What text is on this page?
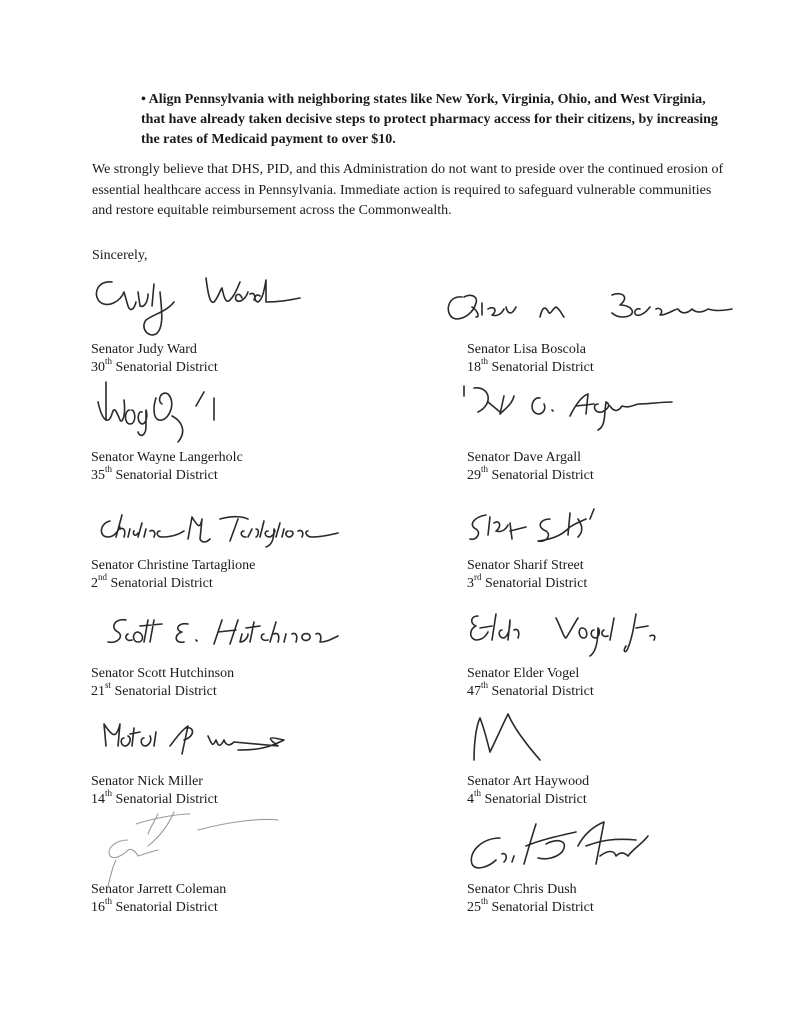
• Align Pennsylvania with neighboring states like New York, Virginia, Ohio, and West Virginia, that have already taken decisive steps to protect pharmacy access for their citizens, by increasing the rates of Medicaid payment to over $10.
We strongly believe that DHS, PID, and this Administration do not want to preside over the continued erosion of essential healthcare access in Pennsylvania. Immediate action is required to safeguard vulnerable communities and restore equitable reimbursement across the Commonwealth.
Sincerely,
Senator Judy Ward
30th Senatorial District
Senator Lisa Boscola
18th Senatorial District
Senator Wayne Langerholc
35th Senatorial District
Senator Dave Argall
29th Senatorial District
Senator Christine Tartaglione
2nd Senatorial District
Senator Sharif Street
3rd Senatorial District
Senator Scott Hutchinson
21st Senatorial District
Senator Elder Vogel
47th Senatorial District
Senator Nick Miller
14th Senatorial District
Senator Art Haywood
4th Senatorial District
Senator Jarrett Coleman
16th Senatorial District
Senator Chris Dush
25th Senatorial District
